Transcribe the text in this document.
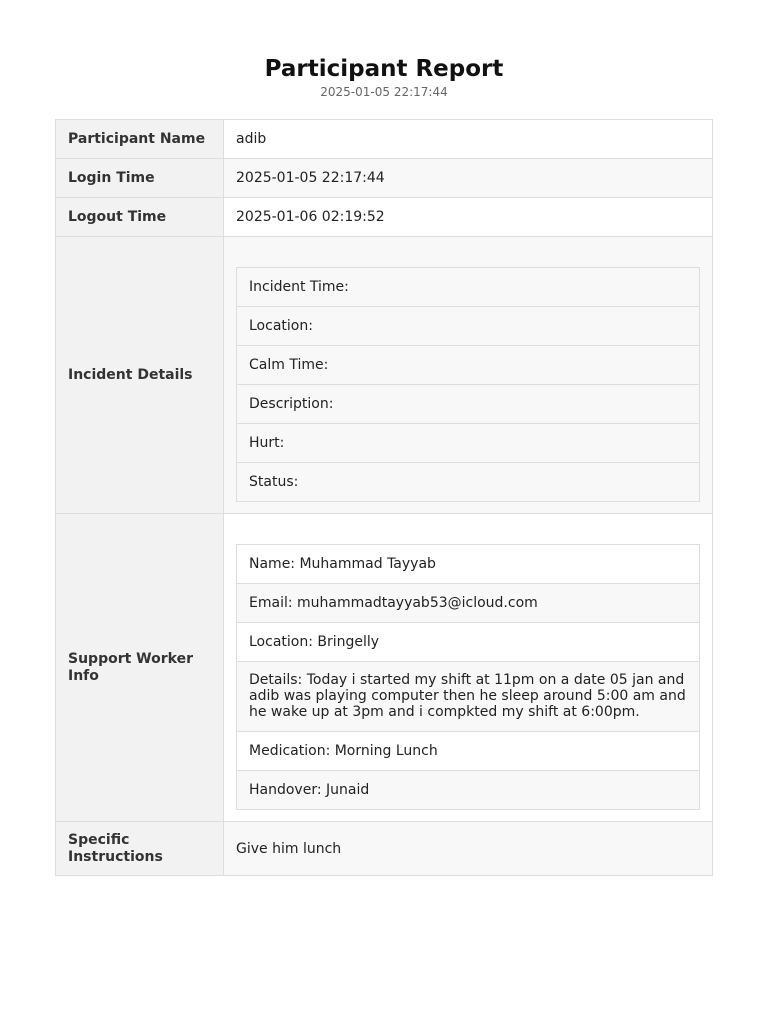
Participant Report
2025-01-05 22:17:44
Participant Name	adib
Login Time	2025-01-05 22:17:44
Logout Time	2025-01-06 02:19:52
Incident Details	
Incident Time:
Location:
Calm Time:
Description:
Hurt:
Status:

Support Worker Info	
Name: Muhammad Tayyab
Email: muhammadtayyab53@icloud.com
Location: Bringelly
Details: Today i started my shift at 11pm on a date 05 jan and adib was playing computer then he sleep around 5:00 am and he wake up at 3pm and i compkted my shift at 6:00pm.
Medication: Morning Lunch
Handover: Junaid

Specific Instructions	Give him lunch
